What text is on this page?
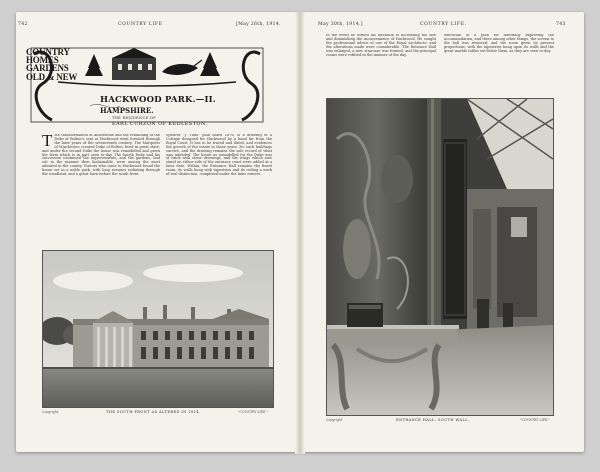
742	COUNTRY LIFE	[May 26th, 1914.	May 30th, 1914.]	COUNTRY LIFE.	743
COUNTRY
HOMES
GARDENS
OLD & NEW
HACKWOOD PARK.—II.
HAMPSHIRE.
THE RESIDENCE OF
EARL CURZON OF KEDLESTON.
T HE transformation of Abbotstone and the rebuilding of the Duke of Bolton's seat at Hackwood went forward through the later years of the seventeenth century. The Marquess of Winchester, created Duke of Bolton, lived in great state; and under the second Duke the house was remodelled and given the form which is in part seen to-day. The fourth Duke and his successors continued the improvements, and the gardens, laid out in the manner then fashionable, were among the most admired in the county. Visitors who came to Hackwood found the house set in a noble park, with long avenues radiating through the woodland, and a great lawn before the south front.
Spencer "J. Tuffs" paid dated 1676, is a drawing of a Cottage designed for Hackwood by a hand far from the Royal Court. It has to be traced and dated, and evidences the growth of the estate in those years. No such buildings survive, and the drawing remains the sole record of what was intended. The house as remodelled for the Duke was of brick with stone dressings, and the wings which now stand on either side of the entrance court were added at a later date. Within, the Entrance Hall remains the finest room, its walls hung with tapestries and its ceiling a work of real distinction, completed under the later owners.
Copyright	THE SOUTH FRONT AS ALTERED IN 1814.	"COUNTRY LIFE."
In the event he turned his attention to increasing the size and diminishing the inconvenience of Hackwood. He sought the professional advice of one of the Royal Architects, and the alterations made were considerable. The Entrance Hall was enlarged, a new staircase was formed, and the principal rooms were refitted in the manner of the day.
execution of a plan for internally improving the accommodation; and there among other things, the screen to the hall was removed, and the room given its present proportions, with the tapestries hung upon its walls and the great marble tables set below them, as they are seen to-day.
Copyright	ENTRANCE HALL: SOUTH WALL.	"COUNTRY LIFE."
